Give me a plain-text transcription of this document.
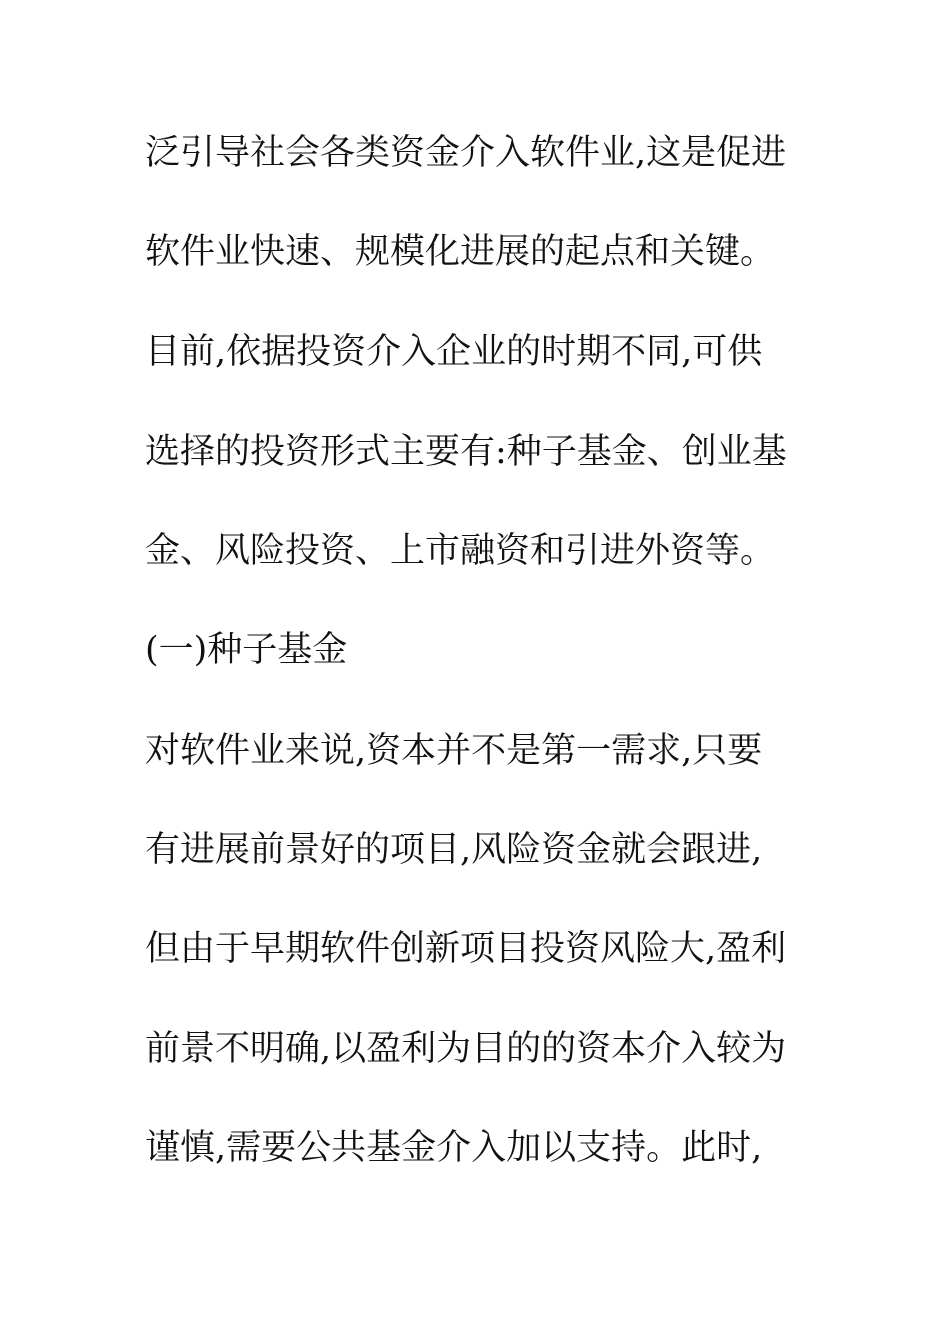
泛引导社会各类资金介入软件业,这是促进
软件业快速、规模化进展的起点和关键。
目前,依据投资介入企业的时期不同,可供
选择的投资形式主要有:种子基金、创业基
金、风险投资、上市融资和引进外资等。
(一)种子基金
对软件业来说,资本并不是第一需求,只要
有进展前景好的项目,风险资金就会跟进,
但由于早期软件创新项目投资风险大,盈利
前景不明确,以盈利为目的的资本介入较为
谨慎,需要公共基金介入加以支持。此时,
